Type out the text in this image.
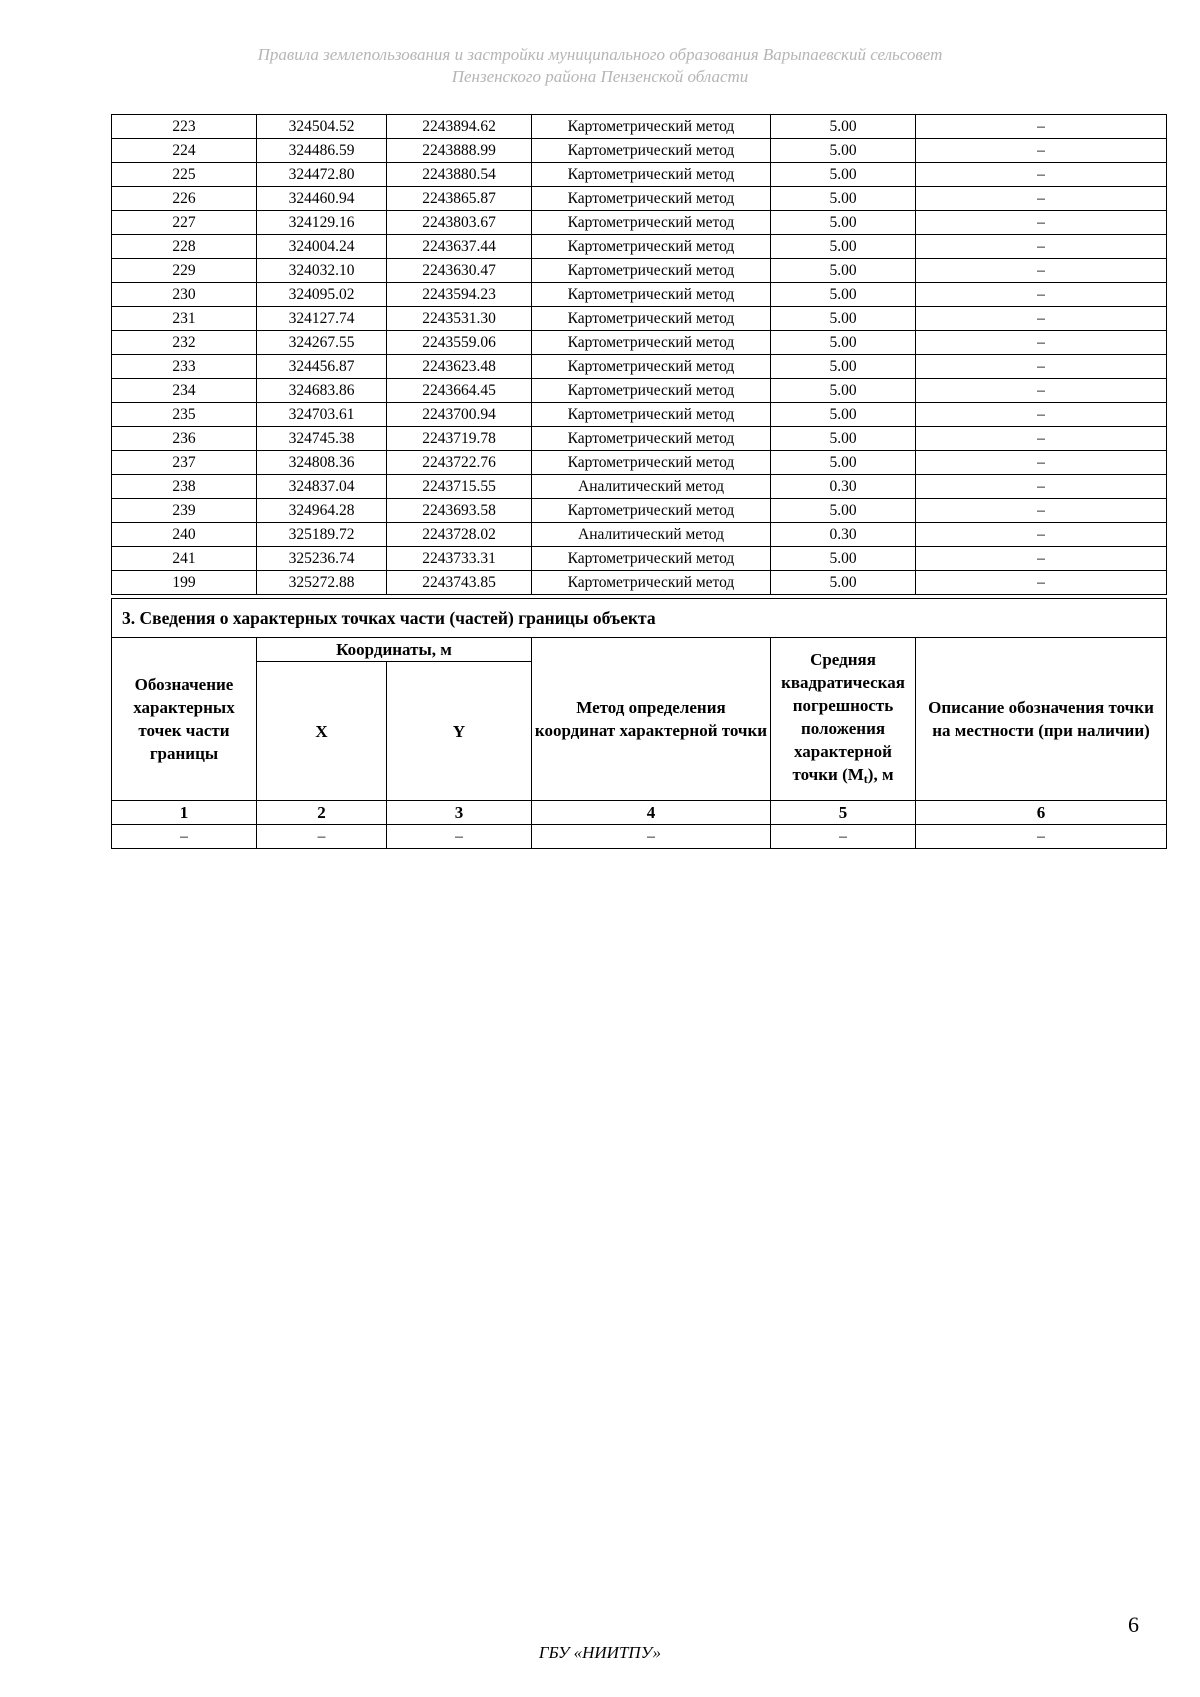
Правила землепользования и застройки муниципального образования Варыпаевский сельсовет
Пензенского района Пензенской области
223	324504.52	2243894.62	Картометрический метод	5.00	–
224	324486.59	2243888.99	Картометрический метод	5.00	–
225	324472.80	2243880.54	Картометрический метод	5.00	–
226	324460.94	2243865.87	Картометрический метод	5.00	–
227	324129.16	2243803.67	Картометрический метод	5.00	–
228	324004.24	2243637.44	Картометрический метод	5.00	–
229	324032.10	2243630.47	Картометрический метод	5.00	–
230	324095.02	2243594.23	Картометрический метод	5.00	–
231	324127.74	2243531.30	Картометрический метод	5.00	–
232	324267.55	2243559.06	Картометрический метод	5.00	–
233	324456.87	2243623.48	Картометрический метод	5.00	–
234	324683.86	2243664.45	Картометрический метод	5.00	–
235	324703.61	2243700.94	Картометрический метод	5.00	–
236	324745.38	2243719.78	Картометрический метод	5.00	–
237	324808.36	2243722.76	Картометрический метод	5.00	–
238	324837.04	2243715.55	Аналитический метод	0.30	–
239	324964.28	2243693.58	Картометрический метод	5.00	–
240	325189.72	2243728.02	Аналитический метод	0.30	–
241	325236.74	2243733.31	Картометрический метод	5.00	–
199	325272.88	2243743.85	Картометрический метод	5.00	–
3. Сведения о характерных точках части (частей) границы объекта					
Обозначение характерных точек части границы	Координаты, м		Метод определения координат характерной точки	Средняя квадратическая погрешность положения характерной точки $(M_t)$, м	Описание обозначения точки на местности (при наличии)
	X	Y			
1	2	3	4	5	6
–	–	–	–	–	–
6
ГБУ «НИИТПУ»
